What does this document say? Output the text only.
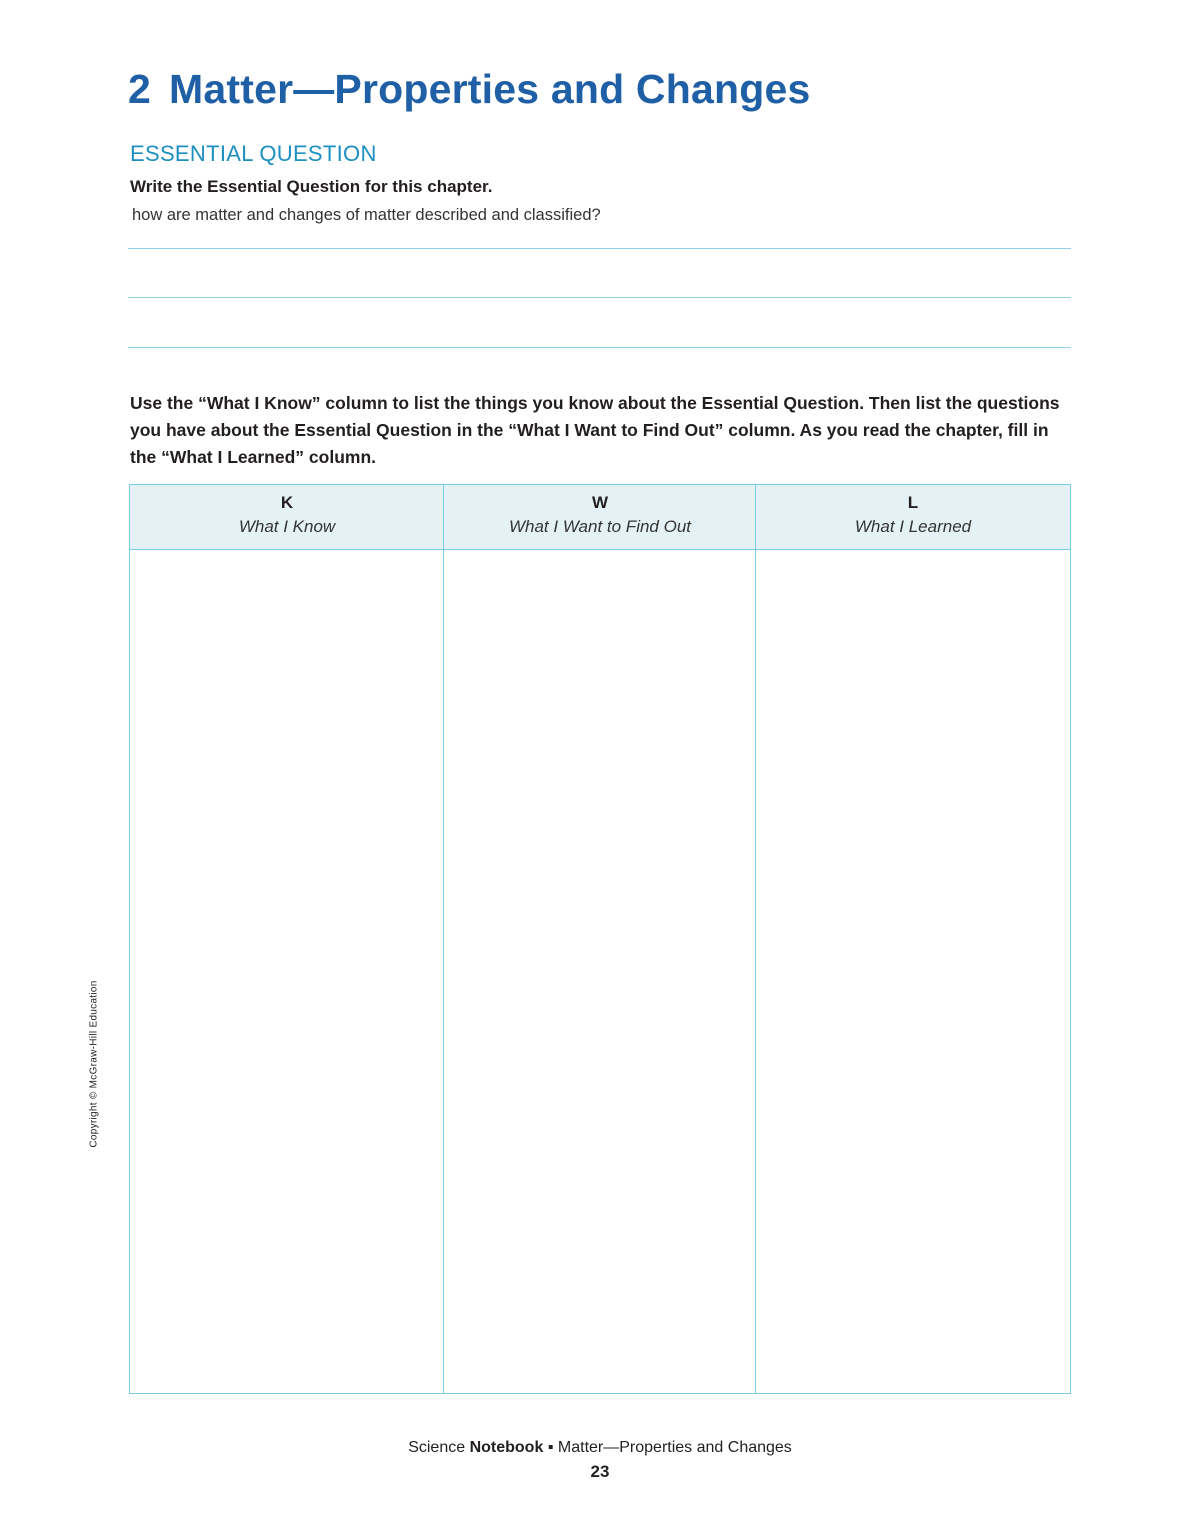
2 Matter—Properties and Changes
ESSENTIAL QUESTION
Write the Essential Question for this chapter.
how are matter and changes of matter described and classified?
Use the “What I Know” column to list the things you know about the Essential Question. Then list the questions you have about the Essential Question in the “What I Want to Find Out” column. As you read the chapter, fill in the “What I Learned” column.
K
What I Know
W
What I Want to Find Out
L
What I Learned
Copyright © McGraw-Hill Education
Science Notebook ▪ Matter—Properties and Changes
23
